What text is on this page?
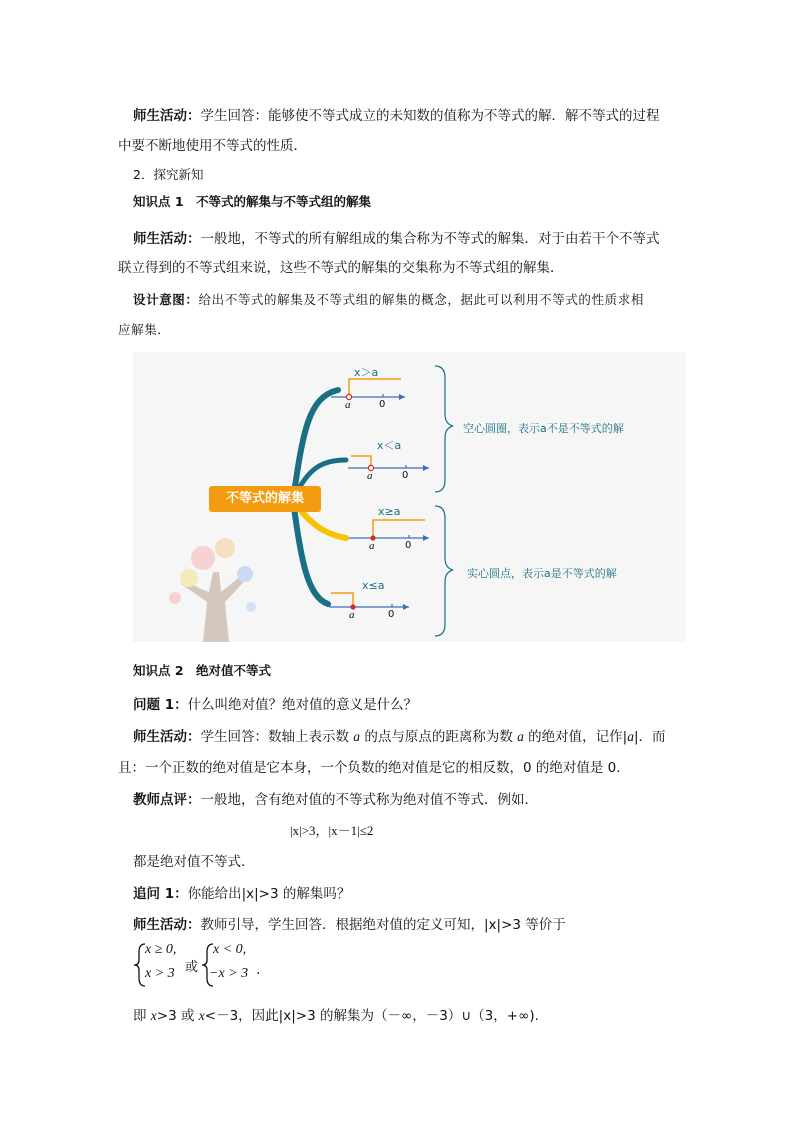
师生活动：学生回答：能够使不等式成立的未知数的值称为不等式的解．解不等式的过程
中要不断地使用不等式的性质．
2．探究新知
知识点 1　不等式的解集与不等式组的解集
师生活动：一般地，不等式的所有解组成的集合称为不等式的解集．对于由若干个不等式
联立得到的不等式组来说，这些不等式的解集的交集称为不等式组的解集．
设计意图：给出不等式的解集及不等式组的解集的概念，据此可以利用不等式的性质求相
应解集．
不等式的解集
x＞a
x＜a
x≥a
x≤a
a	0
a	0
a	0
a	0
空心圆圈，表示a不是不等式的解
实心圆点，表示a是不等式的解
知识点 2　绝对值不等式
问题 1：什么叫绝对值？绝对值的意义是什么？
师生活动：学生回答：数轴上表示数 a 的点与原点的距离称为数 a 的绝对值，记作|a|．而
且：一个正数的绝对值是它本身，一个负数的绝对值是它的相反数，0 的绝对值是 0．
教师点评：一般地，含有绝对值的不等式称为绝对值不等式．例如．
|x|>3，|x－1|≤2
都是绝对值不等式．
追问 1：你能给出|x|>3 的解集吗？
师生活动：教师引导，学生回答．根据绝对值的定义可知，|x|>3 等价于
x ≥ 0,
x > 3 或
x < 0,
−x > 3 .
即 x>3 或 x<－3，因此|x|>3 的解集为（－∞，－3）∪（3，+∞).
